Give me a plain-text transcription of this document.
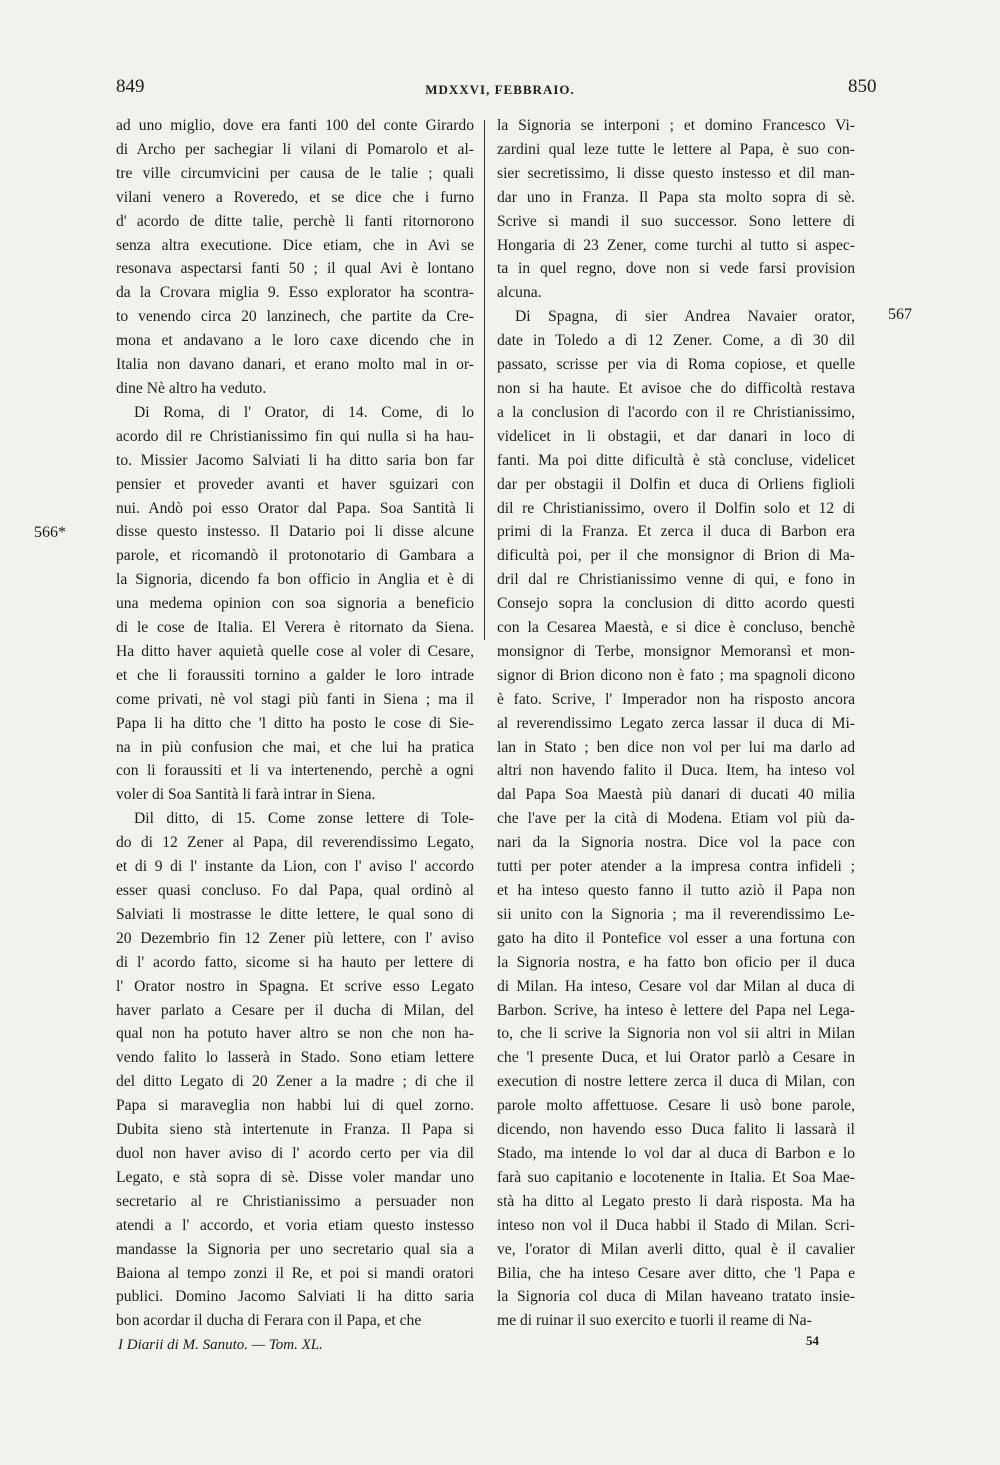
849	MDXXVI, FEBBRAIO.	850
566*
567
ad uno miglio, dove era fanti 100 del conte Girardo
di Archo per sachegiar li vilani di Pomarolo et al-
tre ville circumvicini per causa de le talie ; quali
vilani venero a Roveredo, et se dice che i furno
d' acordo de ditte talie, perchè li fanti ritornorono
senza altra executione. Dice etiam, che in Avi se
resonava aspectarsi fanti 50 ; il qual Avi è lontano
da la Crovara miglia 9. Esso explorator ha scontra-
to venendo circa 20 lanzinech, che partite da Cre-
mona et andavano a le loro caxe dicendo che in
Italia non davano danari, et erano molto mal in or-
dine Nè altro ha veduto.
Di Roma, di l' Orator, di 14. Come, di lo
acordo dil re Christianissimo fin qui nulla si ha hau-
to. Missier Jacomo Salviati li ha ditto saria bon far
pensier et proveder avanti et haver sguizari con
nui. Andò poi esso Orator dal Papa. Soa Santità li
disse questo instesso. Il Datario poi li disse alcune
parole, et ricomandò il protonotario di Gambara a
la Signoria, dicendo fa bon officio in Anglia et è di
una medema opinion con soa signoria a beneficio
di le cose de Italia. El Verera è ritornato da Siena.
Ha ditto haver aquietà quelle cose al voler di Cesare,
et che li foraussiti tornino a galder le loro intrade
come privati, nè vol stagi più fanti in Siena ; ma il
Papa li ha ditto che 'l ditto ha posto le cose di Sie-
na in più confusion che mai, et che lui ha pratica
con li foraussiti et li va intertenendo, perchè a ogni
voler di Soa Santità li farà intrar in Siena.
Dil ditto, di 15. Come zonse lettere di Tole-
do di 12 Zener al Papa, dil reverendissimo Legato,
et di 9 di l' instante da Lion, con l' aviso l' accordo
esser quasi concluso. Fo dal Papa, qual ordinò al
Salviati li mostrasse le ditte lettere, le qual sono di
20 Dezembrio fin 12 Zener più lettere, con l' aviso
di l' acordo fatto, sicome si ha hauto per lettere di
l' Orator nostro in Spagna. Et scrive esso Legato
haver parlato a Cesare per il ducha di Milan, del
qual non ha potuto haver altro se non che non ha-
vendo falito lo lasserà in Stado. Sono etiam lettere
del ditto Legato di 20 Zener a la madre ; di che il
Papa si maraveglia non habbi lui di quel zorno.
Dubita sieno stà intertenute in Franza. Il Papa si
duol non haver aviso di l' acordo certo per via dil
Legato, e stà sopra di sè. Disse voler mandar uno
secretario al re Christianissimo a persuader non
atendi a l' accordo, et voria etiam questo instesso
mandasse la Signoria per uno secretario qual sia a
Baiona al tempo zonzi il Re, et poi si mandi oratori
publici. Domino Jacomo Salviati li ha ditto saria
bon acordar il ducha di Ferara con il Papa, et che
la Signoria se interponi ; et domino Francesco Vi-
zardini qual leze tutte le lettere al Papa, è suo con-
sier secretissimo, li disse questo instesso et dil man-
dar uno in Franza. Il Papa sta molto sopra di sè.
Scrive si mandi il suo successor. Sono lettere di
Hongaria di 23 Zener, come turchi al tutto si aspec-
ta in quel regno, dove non si vede farsi provision
alcuna.
Di Spagna, di sier Andrea Navaier orator,
date in Toledo a dì 12 Zener. Come, a dì 30 dil
passato, scrisse per via di Roma copiose, et quelle
non si ha haute. Et avisoe che do difficoltà restava
a la conclusion di l'acordo con il re Christianissimo,
videlicet in li obstagii, et dar danari in loco di
fanti. Ma poi ditte dificultà è stà concluse, videlicet
dar per obstagii il Dolfin et duca di Orliens figlioli
dil re Christianissimo, overo il Dolfin solo et 12 di
primi di la Franza. Et zerca il duca di Barbon era
dificultà poi, per il che monsignor di Brion di Ma-
dril dal re Christianissimo venne di qui, e fono in
Consejo sopra la conclusion di ditto acordo questi
con la Cesarea Maestà, e si dice è concluso, benchè
monsignor di Terbe, monsignor Memoransì et mon-
signor di Brion dicono non è fato ; ma spagnoli dicono
è fato. Scrive, l' Imperador non ha risposto ancora
al reverendissimo Legato zerca lassar il duca di Mi-
lan in Stato ; ben dice non vol per lui ma darlo ad
altri non havendo falito il Duca. Item, ha inteso vol
dal Papa Soa Maestà più danari di ducati 40 milia
che l'ave per la cità di Modena. Etiam vol più da-
nari da la Signoria nostra. Dice vol la pace con
tutti per poter atender a la impresa contra infideli ;
et ha inteso questo fanno il tutto aziò il Papa non
sii unito con la Signoria ; ma il reverendissimo Le-
gato ha dito il Pontefice vol esser a una fortuna con
la Signoria nostra, e ha fatto bon oficio per il duca
di Milan. Ha inteso, Cesare vol dar Milan al duca di
Barbon. Scrive, ha inteso è lettere del Papa nel Lega-
to, che li scrive la Signoria non vol sii altri in Milan
che 'l presente Duca, et lui Orator parlò a Cesare in
execution di nostre lettere zerca il duca di Milan, con
parole molto affettuose. Cesare li usò bone parole,
dicendo, non havendo esso Duca falito li lassarà il
Stado, ma intende lo vol dar al duca di Barbon e lo
farà suo capitanio e locotenente in Italia. Et Soa Mae-
stà ha ditto al Legato presto li darà risposta. Ma ha
inteso non vol il Duca habbi il Stado di Milan. Scri-
ve, l'orator di Milan averli ditto, qual è il cavalier
Bilia, che ha inteso Cesare aver ditto, che 'l Papa e
la Signoria col duca di Milan haveano tratato insie-
me di ruinar il suo exercito e tuorli il reame di Na-
I Diarii di M. Sanuto. — Tom. XL.	54
